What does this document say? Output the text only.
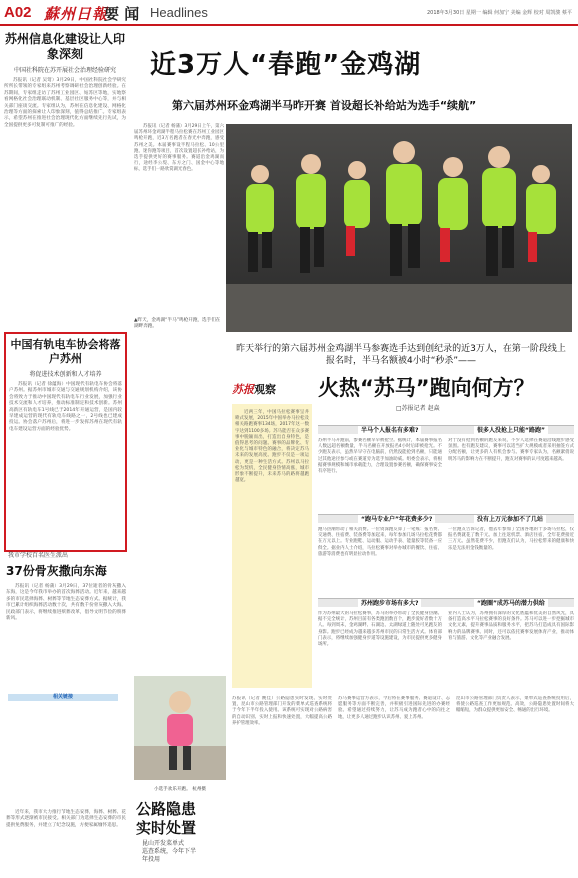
A02 蘇州日報
要 闻 Headlines	2018年3月30日 星期一 编辑 何加宁 美编 金辉 校对 周凯骏 蔡平
苏州信息化建设让人印象深刻
中国社科院在苏开展社会治理经验研究
苏报讯（记者 吴莺）3月29日，中国社科院社会学研究所所长带领的专家组来苏州考察调研社会治理创新经验。在苏期间，专家组走访了苏州工业园区、姑苏区等地，实地察看网格化社会治理联动机制、基层社区服务中心等，并与相关部门座谈交流。专家组认为，苏州在信息化建设、网格化治理等方面的探索让人印象深刻，值得总结推广。专家组表示，希望苏州在推进社会治理现代化方面继续先行先试，为全国提供更多可复制可推广的经验。
中国有轨电车协会将落户苏州
将促进技术创新和人才培养
苏报讯（记者 徐蕴海）中国现代有轨电车协会将落户苏州。据苏州市城市交通与交通规划机构介绍，该协会将致力于推动中国现代有轨电车行业发展，加强行业技术交流和人才培养，推动标准制定和技术创新。苏州高新区有轨电车1号线已于2014年开通运营，是国内较早建成运营的现代有轨电车线路之一，2号线也已建成投运。协会落户苏州后，将进一步发挥苏州在现代有轨电车建设运营方面的经验优势。
我市学校百名医生派出
37份骨灰撒向东海
苏报讯（记者 杨蒲）3月29日，37位逝者的骨灰撒入东海，这是今年我市举办的首次海葬活动。近年来，越来越多的市民选择海葬、树葬等节地生态安葬方式。据统计，我市已累计组织海葬活动数十次，共有数千份骨灰撒入大海。民政部门表示，将继续推进殡葬改革，倡导文明节俭的殡葬新风。
相关链接
近年来，我市大力推行节地生态安葬，海葬、树葬、花葬等形式逐渐被市民接受。相关部门为选择生态安葬的市民提供免费服务，并建立了纪念设施，方便家属缅怀追思。
近3万人“春跑”金鸡湖
第六届苏州环金鸡湖半马昨开赛 首设超长补给站为选手“续航”
苏报讯（记者 杨蒲）3月29日上午，第六届苏州环金鸡湖半程马拉松赛在苏州工业园区鸣枪开跑，近3万名跑者在春光中奔跑，感受苏州之美。本届赛事设半程马拉松、10公里跑、迷你跑等项目，首次设置超长补给站，为选手提供更好的赛事服务。赛道沿金鸡湖而行，途经李公堤、东方之门、国金中心等地标，选手们一路欣赏湖光春色。
▲昨天，金鸡湖“半马”鸣枪开跑，选手们在湖畔奔跑。
昨天举行的第六届苏州金鸡湖半马参赛选手达到创纪录的近3万人，在第一阶段线上报名时，半马名额被4小时“秒杀”——
苏报观察	火热“苏马”跑向何方？
□苏报记者 赵焱
近两三年，中国马拉松赛事呈井喷式发展，2015年中国举办马拉松及相关路跑赛事134场，2017年这一数字达到1100多场。苏马能否在众多赛事中脱颖而出，打造出自身特色，是值得思考的问题。赛事的品牌化、专业化与城市特色的融合，将决定苏马未来的发展高度。跑步不仅是一项运动，更是一种生活方式。苏州以马拉松为契机，全民健身热情高涨，城市形象不断提升，未来苏马的路将越跑越宽。
半马个人报名有多难?	很多人没抢上只能“路跑”
苏州半马开跑前，参赛名额早早被抢空。据统计，本届赛事报名人数远超名额数量，半马名额在开放报名4小时后即被抢光。不少跑友表示，虽然早早守在电脑前，仍然没能抢到名额，只能通过其他途径参与或在赛道旁为选手加油助威。组委会表示，将根据赛事规模和城市承载能力，合理设置参赛名额，确保赛事安全有序进行。
对于没有抢到名额的跑友来说，不少人选择在赛道沿线跑步感受氛围。也有跑友建议，赛事可以适当扩大规模或者采用抽签方式分配名额，让更多的人有机会参与。赛事专家认为，名额紧俏说明苏马的影响力在不断提升，跑友对赛事的认可度越来越高。
“跑马专业户”年花费多少?	没有上万元参加不了几站
跑马热潮带动了相关消费。一位资深跑友算了一笔账：报名费、交通费、住宿费、装备费等加起来，每年参加几场马拉松花费都在万元以上。专业跑鞋、运动服、运动手表、能量胶等装备一应俱全。据业内人士介绍，马拉松赛事对举办城市的餐饮、住宿、旅游等消费也有明显拉动作用。
一位跑友告诉记者，他去年参加了全国各地的十多场马拉松，仅报名费就花了数千元。加上往返机票、酒店住宿，全年花费接近三万元。虽然花费不少，但跑友们认为，马拉松带来的健康和快乐是无法用金钱衡量的。
苏州跑步市场有多大?	“跑圈”成苏马的潜力供给
作为苏州最大的马拉松赛事，苏马的举办带动了全民健身热潮。据不完全统计，苏州目前有各类跑团数百个，跑步爱好者数十万人。每到周末，金鸡湖畔、石湖边、太湖绿道上随处可见跑友的身影。跑步已经成为越来越多苏州市民的日常生活方式。体育部门表示，将继续加强健身步道等设施建设，为市民提供更多健身场所。
业内人士认为，苏州拥有深厚的文化底蕴和优美的自然风光，具备打造高水平马拉松赛事的良好条件。苏马可以进一步挖掘城市文化元素，提升赛事品质和服务水平，把苏马打造成具有国际影响力的品牌赛事。同时，还可以依托赛事发展体育产业，推动体育与旅游、文化等产业融合发展。
苏报讯（记者 姚佳）公路隐患实时发现、实时处置，昆山市公路管理部门开发的菜单式巡查系统将于今年下半年投入使用。该系统可实现对公路病害的自动识别、实时上报和快速处置，大幅提高公路养护管理效率。
苏马赛事运营方表示，今后将在赛事服务、赛道设计、志愿服务等方面不断完善，并积极引进国际先进的办赛经验。希望通过持续努力，让苏马成为跑者心中的向往之地，让更多人通过跑步认识苏州、爱上苏州。
昆山市公路管理部门负责人表示，菜单式巡查系统投用后，将使公路巡查工作更加规范、高效，公路隐患处置时间将大幅缩短，为群众提供更加安全、畅通的出行环境。
小选手欢乐开跑。 杭州摄
公路隐患
实时处置
昆山开发菜单式
巡查系统，今年下半
年投用
